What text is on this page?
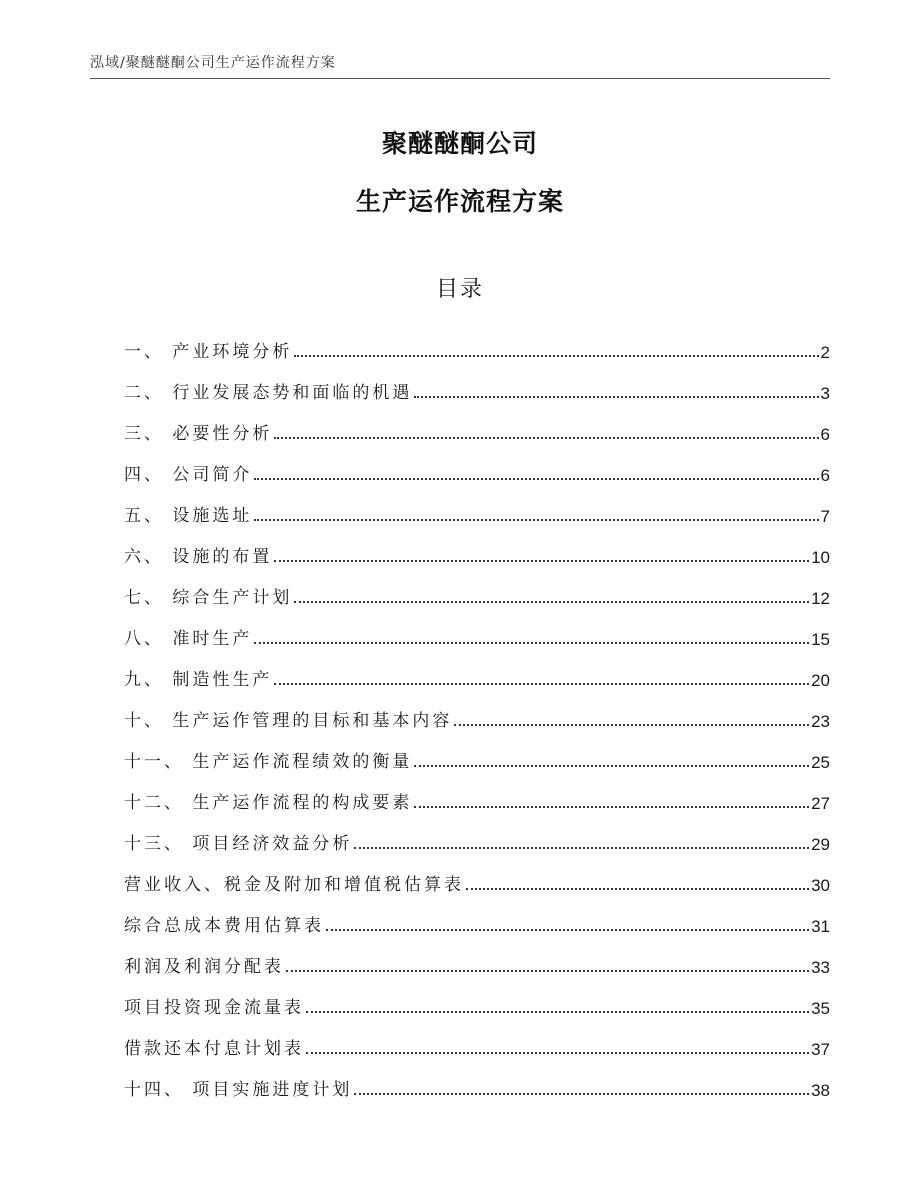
泓域/聚醚醚酮公司生产运作流程方案
聚醚醚酮公司
生产运作流程方案
目录
一、 产业环境分析	2
二、 行业发展态势和面临的机遇	3
三、 必要性分析	6
四、 公司简介	6
五、 设施选址	7
六、 设施的布置	10
七、 综合生产计划	12
八、 准时生产	15
九、 制造性生产	20
十、 生产运作管理的目标和基本内容	23
十一、 生产运作流程绩效的衡量	25
十二、 生产运作流程的构成要素	27
十三、 项目经济效益分析	29
营业收入、税金及附加和增值税估算表	30
综合总成本费用估算表	31
利润及利润分配表	33
项目投资现金流量表	35
借款还本付息计划表	37
十四、 项目实施进度计划	38
